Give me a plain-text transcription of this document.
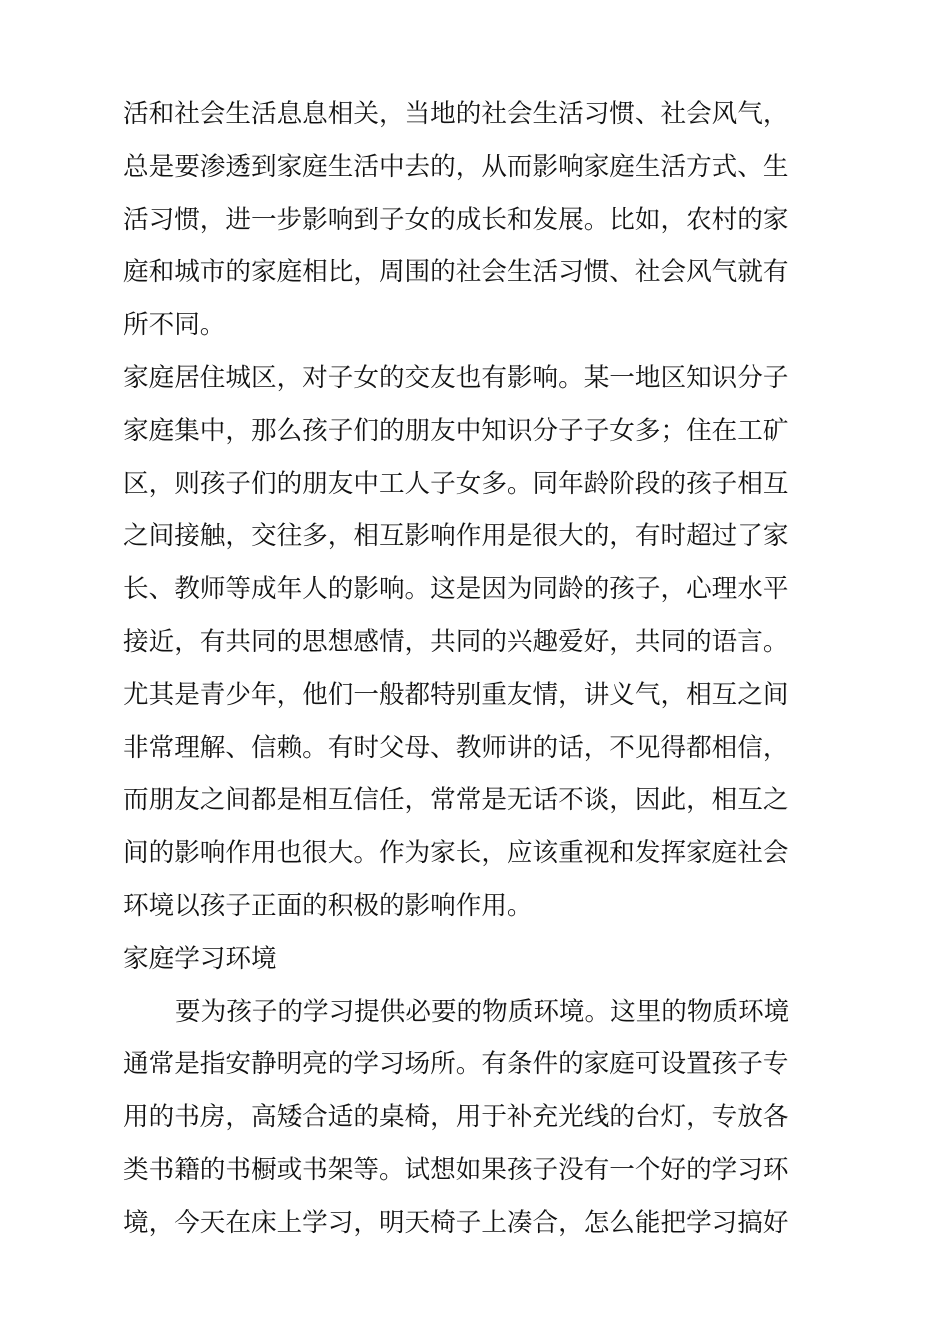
活和社会生活息息相关，当地的社会生活习惯、社会风气，
总是要渗透到家庭生活中去的，从而影响家庭生活方式、生
活习惯，进一步影响到子女的成长和发展。比如，农村的家
庭和城市的家庭相比，周围的社会生活习惯、社会风气就有
所不同。
家庭居住城区，对子女的交友也有影响。某一地区知识分子
家庭集中，那么孩子们的朋友中知识分子子女多；住在工矿
区，则孩子们的朋友中工人子女多。同年龄阶段的孩子相互
之间接触，交往多，相互影响作用是很大的，有时超过了家
长、教师等成年人的影响。这是因为同龄的孩子，心理水平
接近，有共同的思想感情，共同的兴趣爱好，共同的语言。
尤其是青少年，他们一般都特别重友情，讲义气，相互之间
非常理解、信赖。有时父母、教师讲的话，不见得都相信，
而朋友之间都是相互信任，常常是无话不谈，因此，相互之
间的影响作用也很大。作为家长，应该重视和发挥家庭社会
环境以孩子正面的积极的影响作用。
家庭学习环境
要为孩子的学习提供必要的物质环境。这里的物质环境
通常是指安静明亮的学习场所。有条件的家庭可设置孩子专
用的书房，高矮合适的桌椅，用于补充光线的台灯，专放各
类书籍的书橱或书架等。试想如果孩子没有一个好的学习环
境，今天在床上学习，明天椅子上凑合，怎么能把学习搞好
